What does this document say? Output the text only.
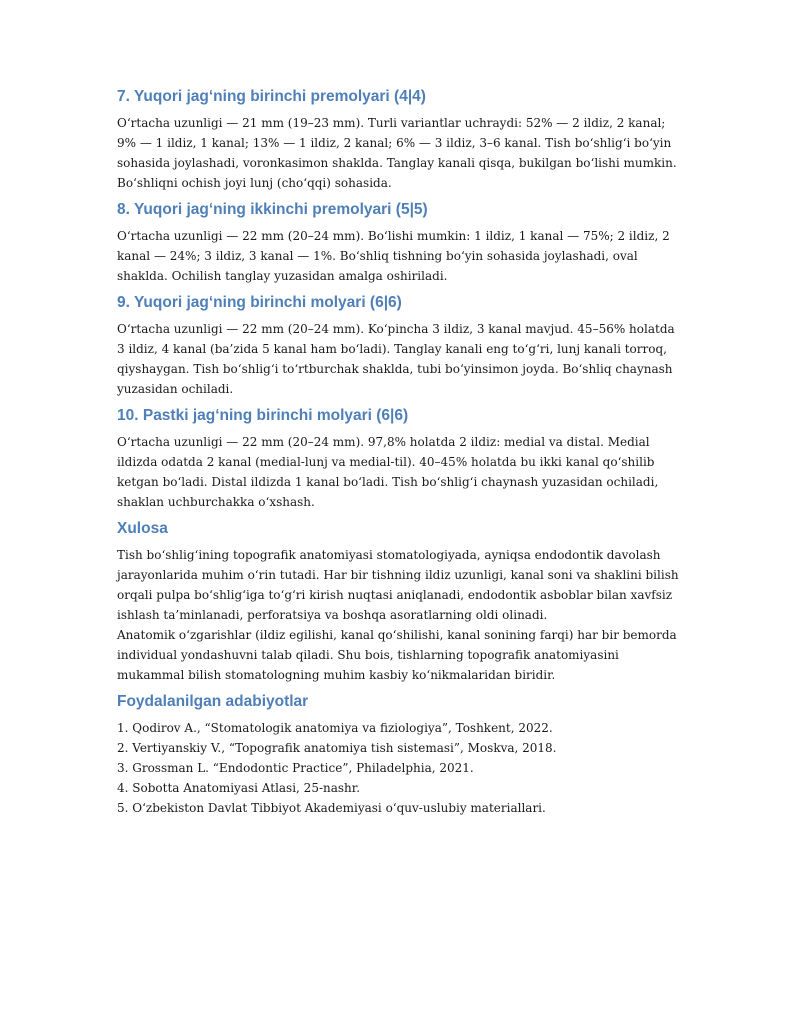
7. Yuqori jag‘ning birinchi premolyari (4|4)

O‘rtacha uzunligi — 21 mm (19–23 mm). Turli variantlar uchraydi: 52% — 2 ildiz, 2 kanal; 9% — 1 ildiz, 1 kanal; 13% — 1 ildiz, 2 kanal; 6% — 3 ildiz, 3–6 kanal. Tish bo‘shlig‘i bo‘yin sohasida joylashadi, voronkasimon shaklda. Tanglay kanali qisqa, bukilgan bo‘lishi mumkin. Bo‘shliqni ochish joyi lunj (cho‘qqi) sohasida.

8. Yuqori jag‘ning ikkinchi premolyari (5|5)

O‘rtacha uzunligi — 22 mm (20–24 mm). Bo‘lishi mumkin: 1 ildiz, 1 kanal — 75%; 2 ildiz, 2 kanal — 24%; 3 ildiz, 3 kanal — 1%. Bo‘shliq tishning bo‘yin sohasida joylashadi, oval shaklda. Ochilish tanglay yuzasidan amalga oshiriladi.

9. Yuqori jag‘ning birinchi molyari (6|6)

O‘rtacha uzunligi — 22 mm (20–24 mm). Ko‘pincha 3 ildiz, 3 kanal mavjud. 45–56% holatda 3 ildiz, 4 kanal (ba’zida 5 kanal ham bo‘ladi). Tanglay kanali eng to‘g‘ri, lunj kanali torroq, qiyshaygan. Tish bo‘shlig‘i to‘rtburchak shaklda, tubi bo‘yinsimon joyda. Bo‘shliq chaynash yuzasidan ochiladi.

10. Pastki jag‘ning birinchi molyari (6|6)

O‘rtacha uzunligi — 22 mm (20–24 mm). 97,8% holatda 2 ildiz: medial va distal. Medial ildizda odatda 2 kanal (medial-lunj va medial-til). 40–45% holatda bu ikki kanal qo‘shilib ketgan bo‘ladi. Distal ildizda 1 kanal bo‘ladi. Tish bo‘shlig‘i chaynash yuzasidan ochiladi, shaklan uchburchakka o‘xshash.

Xulosa

Tish bo‘shlig‘ining topografik anatomiyasi stomatologiyada, ayniqsa endodontik davolash jarayonlarida muhim o‘rin tutadi. Har bir tishning ildiz uzunligi, kanal soni va shaklini bilish orqali pulpa bo‘shlig‘iga to‘g‘ri kirish nuqtasi aniqlanadi, endodontik asboblar bilan xavfsiz ishlash ta’minlanadi, perforatsiya va boshqa asoratlarning oldi olinadi.

Anatomik o‘zgarishlar (ildiz egilishi, kanal qo‘shilishi, kanal sonining farqi) har bir bemorda individual yondashuvni talab qiladi. Shu bois, tishlarning topografik anatomiyasini mukammal bilish stomatologning muhim kasbiy ko‘nikmalaridan biridir.

Foydalanilgan adabiyotlar
1. Qodirov A., “Stomatologik anatomiya va fiziologiya”, Toshkent, 2022.
2. Vertiyanskiy V., “Topografik anatomiya tish sistemasi”, Moskva, 2018.
3. Grossman L. “Endodontic Practice”, Philadelphia, 2021.
4. Sobotta Anatomiyasi Atlasi, 25-nashr.
5. O‘zbekiston Davlat Tibbiyot Akademiyasi o‘quv-uslubiy materiallari.
